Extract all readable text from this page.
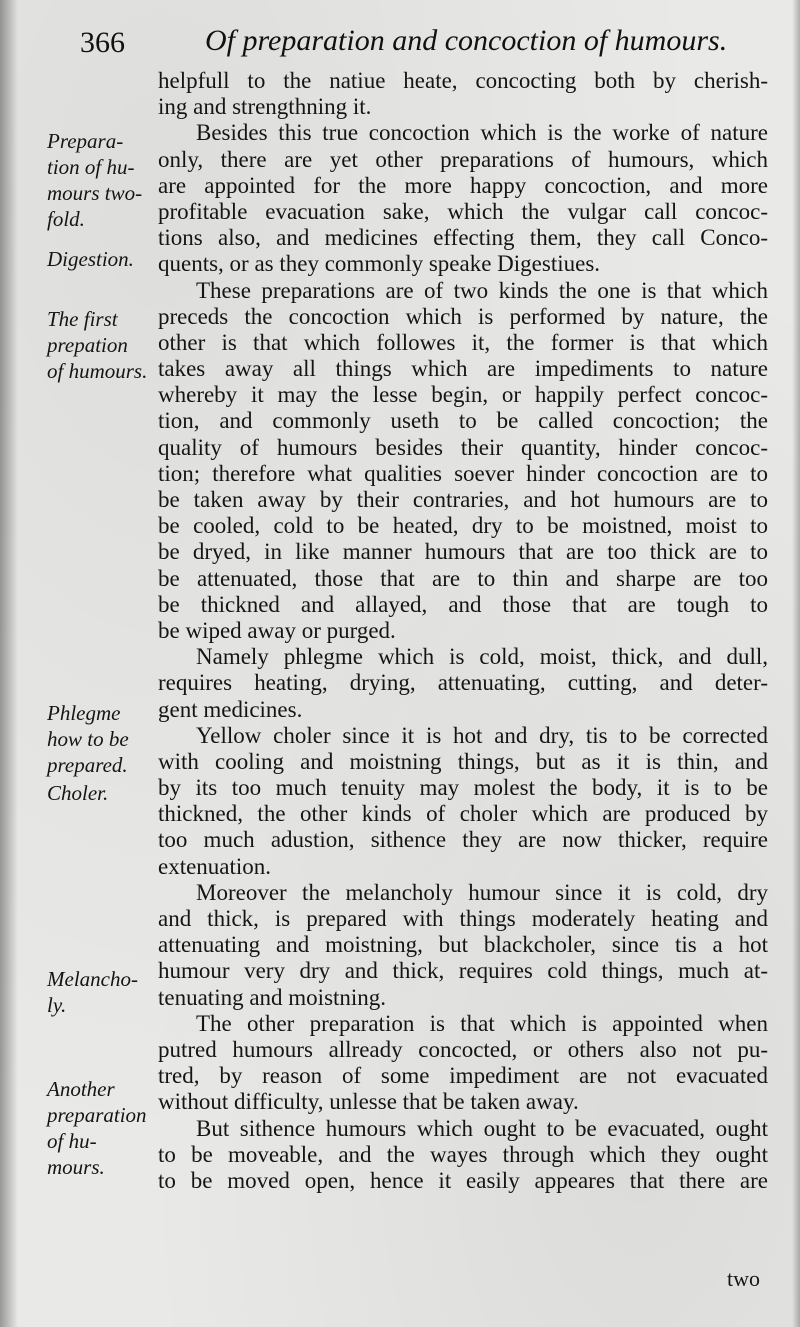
366	Of preparation and concoction of humours.
helpfull to the natiue heate, concocting both by cherish-
ing and strengthning it.
Besides this true concoction which is the worke of nature
only, there are yet other preparations of humours, which
are appointed for the more happy concoction, and more
profitable evacuation sake, which the vulgar call concoc-
tions also, and medicines effecting them, they call Conco-
quents, or as they commonly speake Digestiues.
These preparations are of two kinds the one is that which
preceds the concoction which is performed by nature, the
other is that which followes it, the former is that which
takes away all things which are impediments to nature
whereby it may the lesse begin, or happily perfect concoc-
tion, and commonly useth to be called concoction; the
quality of humours besides their quantity, hinder concoc-
tion; therefore what qualities soever hinder concoction are to
be taken away by their contraries, and hot humours are to
be cooled, cold to be heated, dry to be moistned, moist to
be dryed, in like manner humours that are too thick are to
be attenuated, those that are to thin and sharpe are too
be thickned and allayed, and those that are tough to
be wiped away or purged.
Namely phlegme which is cold, moist, thick, and dull,
requires heating, drying, attenuating, cutting, and deter-
gent medicines.
Yellow choler since it is hot and dry, tis to be corrected
with cooling and moistning things, but as it is thin, and
by its too much tenuity may molest the body, it is to be
thickned, the other kinds of choler which are produced by
too much adustion, sithence they are now thicker, require
extenuation.
Moreover the melancholy humour since it is cold, dry
and thick, is prepared with things moderately heating and
attenuating and moistning, but blackcholer, since tis a hot
humour very dry and thick, requires cold things, much at-
tenuating and moistning.
The other preparation is that which is appointed when
putred humours allready concocted, or others also not pu-
tred, by reason of some impediment are not evacuated
without difficulty, unlesse that be taken away.
But sithence humours which ought to be evacuated, ought
to be moveable, and the wayes through which they ought
to be moved open, hence it easily appeares that there are
Prepara-
tion of hu-
mours two-
fold.
Digestion.
The first
prepation
of humours.
Phlegme
how to be
prepared.
Choler.
Melancho-
ly.
Another
preparation
of hu-
mours.
two
